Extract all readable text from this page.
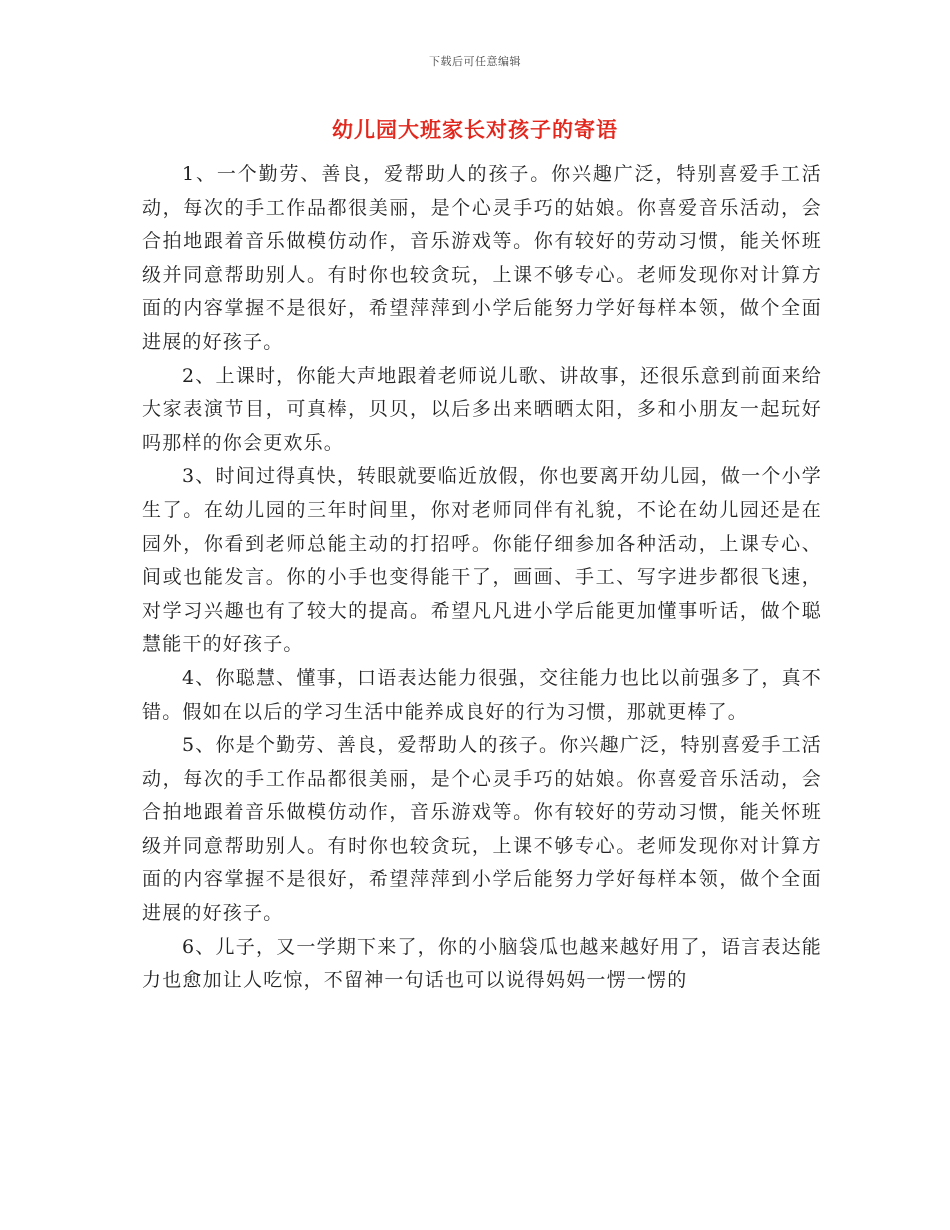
下载后可任意编辑
幼儿园大班家长对孩子的寄语

1、一个勤劳、善良，爱帮助人的孩子。你兴趣广泛，特别喜爱手工活动，每次的手工作品都很美丽，是个心灵手巧的姑娘。你喜爱音乐活动，会合拍地跟着音乐做模仿动作，音乐游戏等。你有较好的劳动习惯，能关怀班级并同意帮助别人。有时你也较贪玩，上课不够专心。老师发现你对计算方面的内容掌握不是很好，希望萍萍到小学后能努力学好每样本领，做个全面进展的好孩子。

2、上课时，你能大声地跟着老师说儿歌、讲故事，还很乐意到前面来给大家表演节目，可真棒，贝贝，以后多出来晒晒太阳，多和小朋友一起玩好吗那样的你会更欢乐。

3、时间过得真快，转眼就要临近放假，你也要离开幼儿园，做一个小学生了。在幼儿园的三年时间里，你对老师同伴有礼貌，不论在幼儿园还是在园外，你看到老师总能主动的打招呼。你能仔细参加各种活动，上课专心、间或也能发言。你的小手也变得能干了，画画、手工、写字进步都很飞速，对学习兴趣也有了较大的提高。希望凡凡进小学后能更加懂事听话，做个聪慧能干的好孩子。

4、你聪慧、懂事，口语表达能力很强，交往能力也比以前强多了，真不错。假如在以后的学习生活中能养成良好的行为习惯，那就更棒了。

5、你是个勤劳、善良，爱帮助人的孩子。你兴趣广泛，特别喜爱手工活动，每次的手工作品都很美丽，是个心灵手巧的姑娘。你喜爱音乐活动，会合拍地跟着音乐做模仿动作，音乐游戏等。你有较好的劳动习惯，能关怀班级并同意帮助别人。有时你也较贪玩，上课不够专心。老师发现你对计算方面的内容掌握不是很好，希望萍萍到小学后能努力学好每样本领，做个全面进展的好孩子。

6、儿子，又一学期下来了，你的小脑袋瓜也越来越好用了，语言表达能力也愈加让人吃惊，不留神一句话也可以说得妈妈一愣一愣的
